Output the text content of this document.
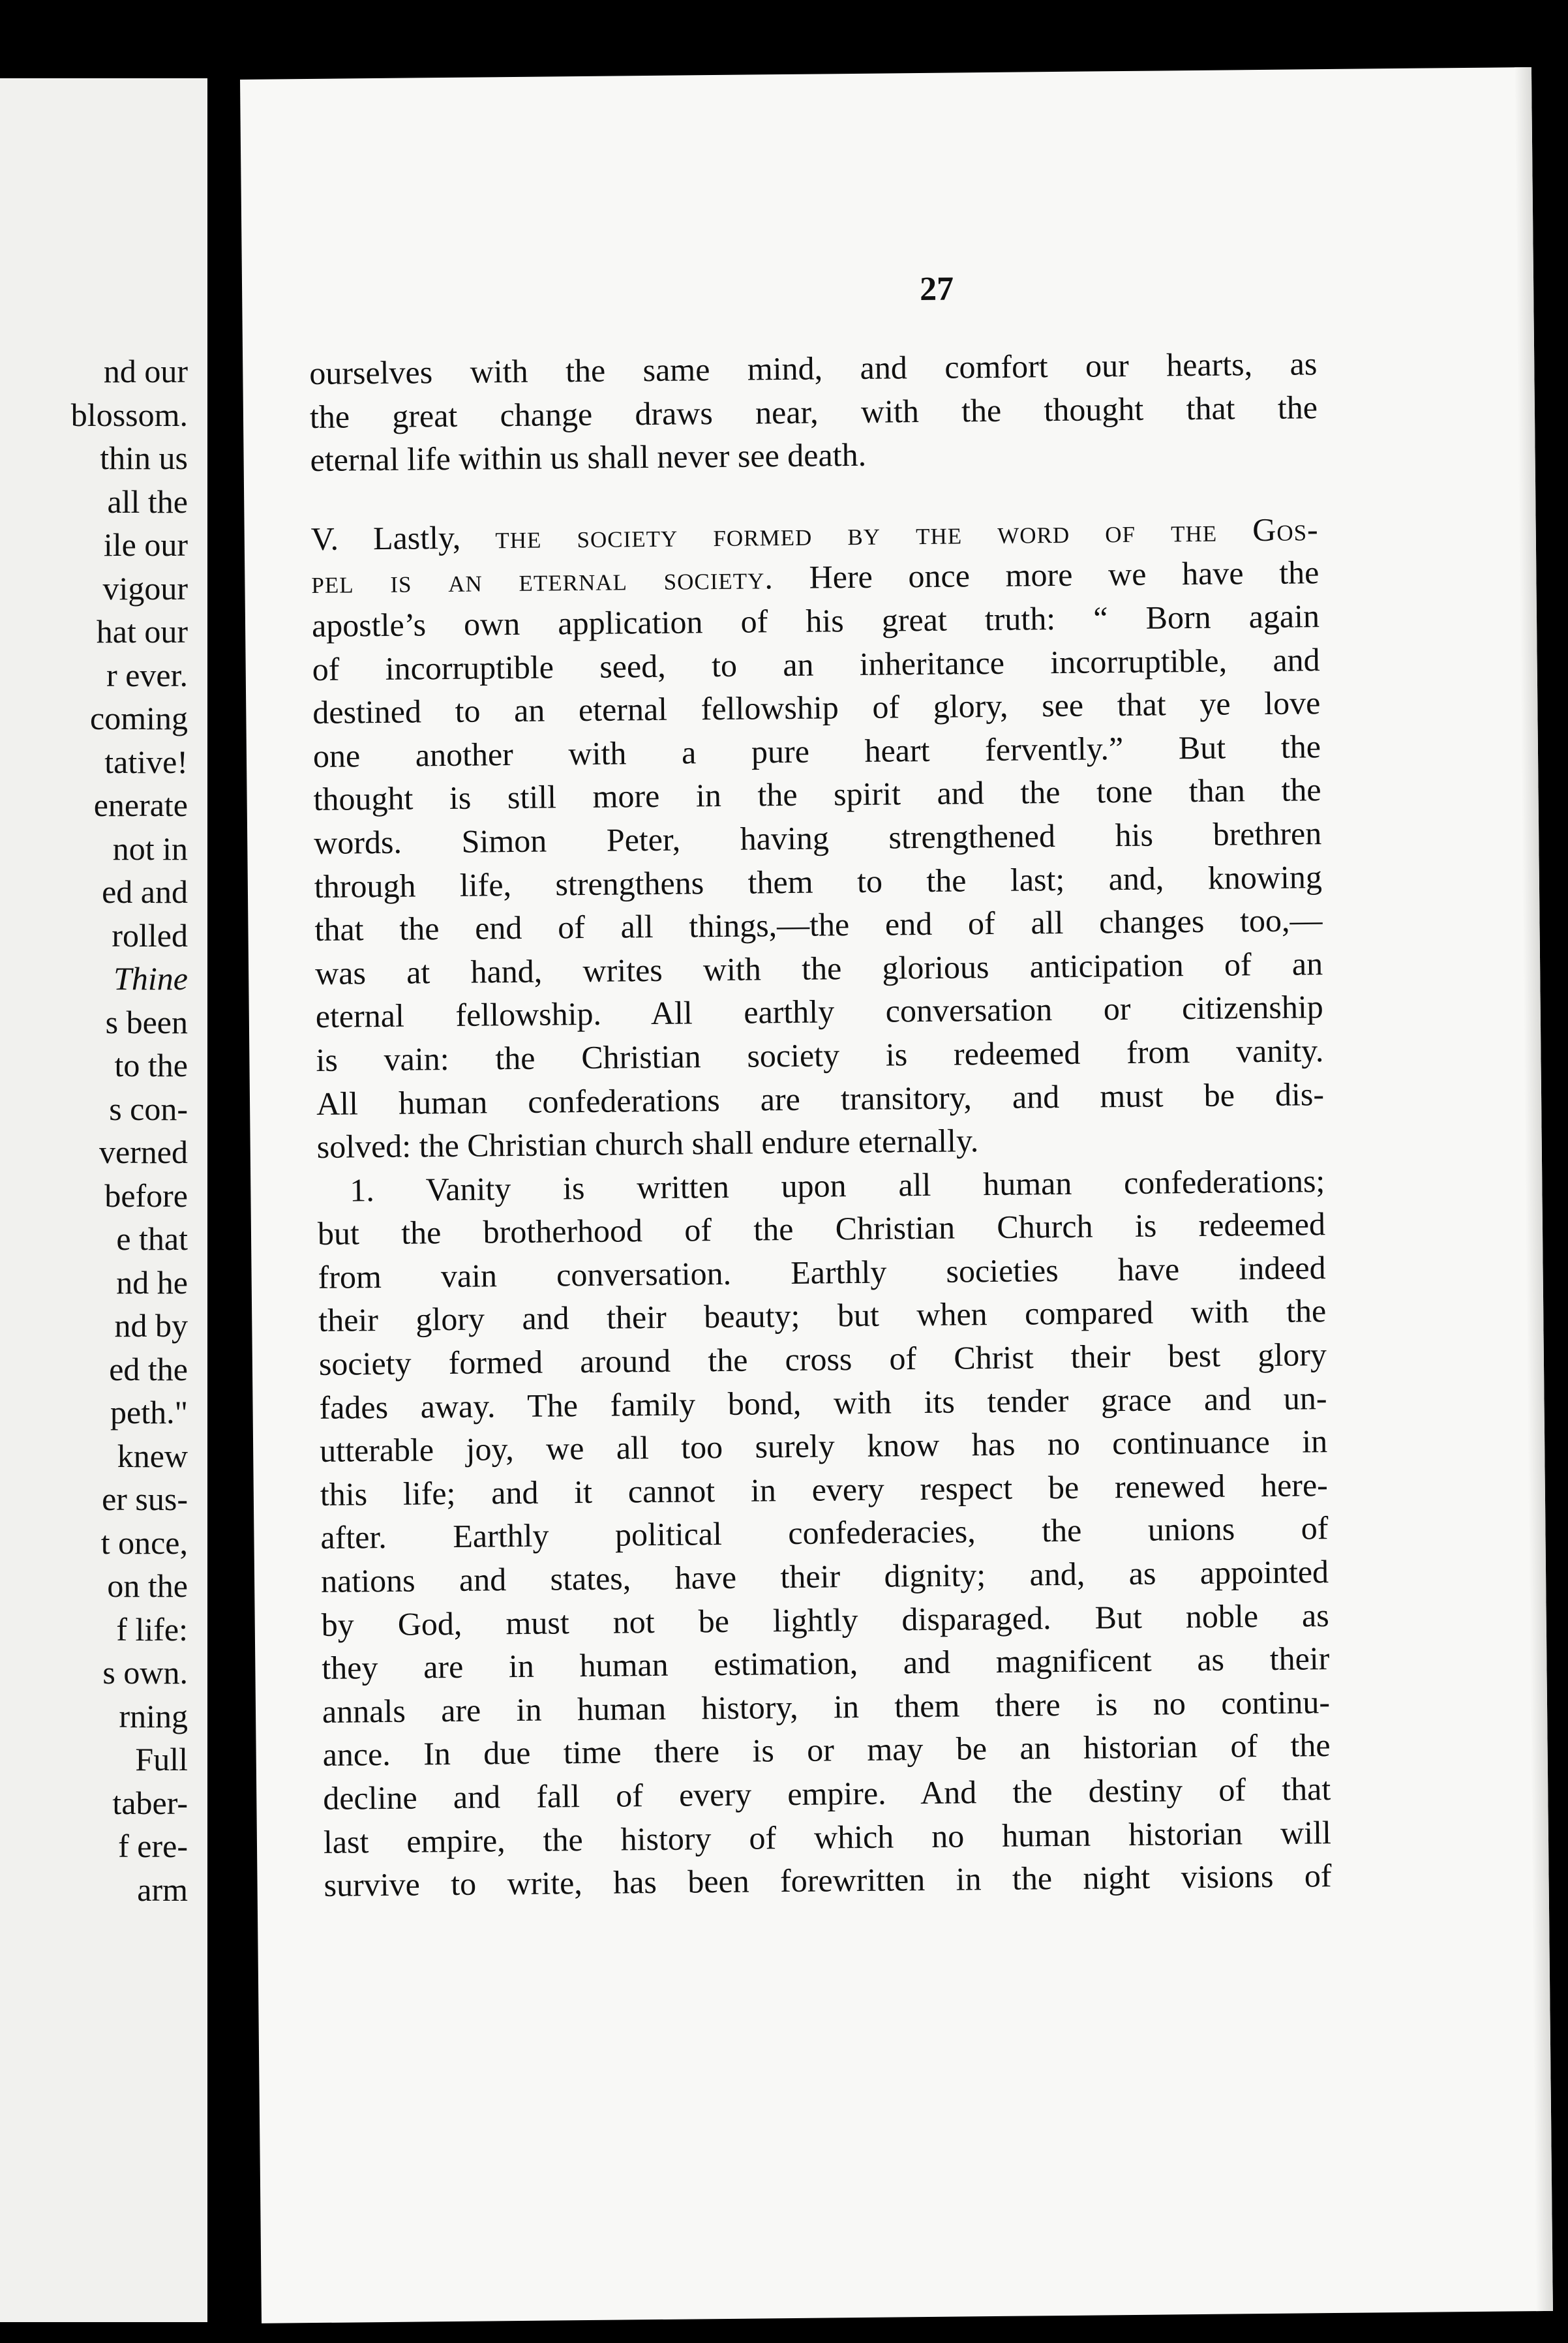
nd our
blossom.
thin us
all the
ile our
vigour
hat our
r ever.
coming
tative!
enerate
not in
ed and
rolled
Thine
s been
to the
s con-
verned
before
e that
nd he
nd by
ed the
peth."
knew
er sus-
t once,
on the
f life:
s own.
rning
Full
taber-
f ere-
arm
27

ourselves with the same mind, and comfort our hearts, as
the great change draws near, with the thought that the
eternal life within us shall never see death.

V. Lastly, the society formed by the word of the Gos-
pel is an eternal society. Here once more we have the
apostle’s own application of his great truth: “ Born again
of incorruptible seed, to an inheritance incorruptible, and
destined to an eternal fellowship of glory, see that ye love
one another with a pure heart fervently.” But the
thought is still more in the spirit and the tone than the
words. Simon Peter, having strengthened his brethren
through life, strengthens them to the last; and, knowing
that the end of all things,—the end of all changes too,—
was at hand, writes with the glorious anticipation of an
eternal fellowship. All earthly conversation or citizenship
is vain: the Christian society is redeemed from vanity.
All human confederations are transitory, and must be dis-
solved: the Christian church shall endure eternally.

1. Vanity is written upon all human confederations;
but the brotherhood of the Christian Church is redeemed
from vain conversation. Earthly societies have indeed
their glory and their beauty; but when compared with the
society formed around the cross of Christ their best glory
fades away. The family bond, with its tender grace and un-
utterable joy, we all too surely know has no continuance in
this life; and it cannot in every respect be renewed here-
after. Earthly political confederacies, the unions of
nations and states, have their dignity; and, as appointed
by God, must not be lightly disparaged. But noble as
they are in human estimation, and magnificent as their
annals are in human history, in them there is no continu-
ance. In due time there is or may be an historian of the
decline and fall of every empire. And the destiny of that
last empire, the history of which no human historian will
survive to write, has been forewritten in the night visions of
